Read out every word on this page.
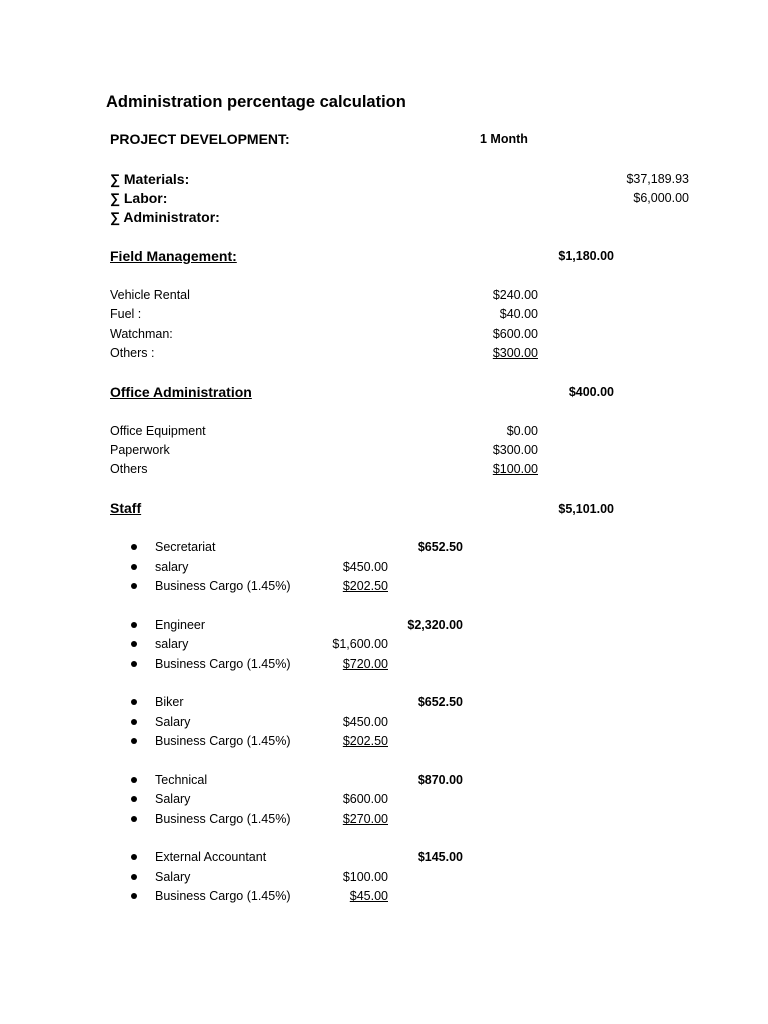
Administration percentage calculation
PROJECT DEVELOPMENT:	1 Month
∑ Materials:	$37,189.93
∑ Labor:	$6,000.00
∑ Administrator:
Field Management:	$1,180.00
Vehicle Rental	$240.00
Fuel :	$40.00
Watchman:	$600.00
Others :	$300.00
Office Administration	$400.00
Office Equipment	$0.00
Paperwork	$300.00
Others	$100.00
Staff	$5,101.00
Secretariat	$652.50
salary	$450.00
Business Cargo (1.45%)	$202.50
Engineer	$2,320.00
salary	$1,600.00
Business Cargo (1.45%)	$720.00
Biker	$652.50
Salary	$450.00
Business Cargo (1.45%)	$202.50
Technical	$870.00
Salary	$600.00
Business Cargo (1.45%)	$270.00
External Accountant	$145.00
Salary	$100.00
Business Cargo (1.45%)	$45.00
